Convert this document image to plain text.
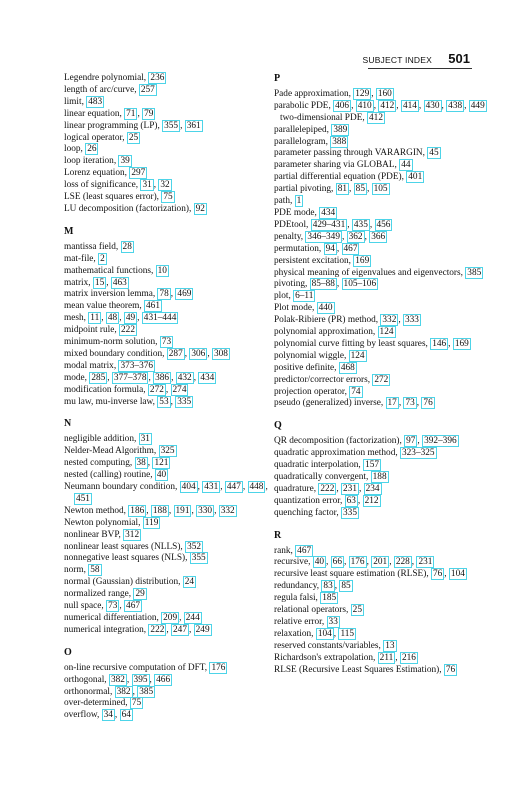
SUBJECT INDEX 501
Legendre polynomial, 236
length of arc/curve, 257
limit, 483
linear equation, 71 , 79
linear programming (LP), 355 , 361
logical operator, 25
loop, 26
loop iteration, 39
Lorenz equation, 297
loss of significance, 31 , 32
LSE (least squares error), 75
LU decomposition (factorization), 92
M
mantissa field, 28
mat-file, 2
mathematical functions, 10
matrix, 15 , 463
matrix inversion lemma, 78 , 469
mean value theorem, 461
mesh, 11 , 48 , 49 , 431–444
midpoint rule, 222
minimum-norm solution, 73
mixed boundary condition, 287 , 306 , 308
modal matrix, 373–376
mode, 285 , 377–378 , 386 , 432 , 434
modification formula, 272 , 274
mu law, mu-inverse law, 53 , 335
N
negligible addition, 31
Nelder-Mead Algorithm, 325
nested computing, 38 , 121
nested (calling) routine, 40
Neumann boundary condition, 404 , 431 , 447 , 448 , 451
Newton method, 186 , 188 , 191 , 330 , 332
Newton polynomial, 119
nonlinear BVP, 312
nonlinear least squares (NLLS), 352
nonnegative least squares (NLS), 355
norm, 58
normal (Gaussian) distribution, 24
normalized range, 29
null space, 73 , 467
numerical differentiation, 209 , 244
numerical integration, 222 , 247 , 249
O
on-line recursive computation of DFT, 176
orthogonal, 382 , 395 , 466
orthonormal, 382 , 385
over-determined, 75
overflow, 34 , 64
P
Pade approximation, 129 , 160
parabolic PDE, 406 , 410 , 412 , 414 , 430 , 438 , 449
two-dimensional PDE, 412
parallelepiped, 389
parallelogram, 388
parameter passing through VARARGIN, 45
parameter sharing via GLOBAL, 44
partial differential equation (PDE), 401
partial pivoting, 81 , 85 , 105
path, 1
PDE mode, 434
PDEtool, 429–431 , 435 , 456
penalty, 346–349 , 362 , 366
permutation, 94 , 467
persistent excitation, 169
physical meaning of eigenvalues and eigenvectors, 385
pivoting, 85–88 , 105–106
plot, 6–11
Plot mode, 440
Polak-Ribiere (PR) method, 332 , 333
polynomial approximation, 124
polynomial curve fitting by least squares, 146 , 169
polynomial wiggle, 124
positive definite, 468
predictor/corrector errors, 272
projection operator, 74
pseudo (generalized) inverse, 17 , 73 , 76
Q
QR decomposition (factorization), 97 , 392–396
quadratic approximation method, 323–325
quadratic interpolation, 157
quadratically convergent, 188
quadrature, 222 , 231 , 234
quantization error, 63 , 212
quenching factor, 335
R
rank, 467
recursive, 40 , 66 , 176 , 201 , 228 , 231
recursive least square estimation (RLSE), 76 , 104
redundancy, 83 , 85
regula falsi, 185
relational operators, 25
relative error, 33
relaxation, 104 , 115
reserved constants/variables, 13
Richardson's extrapolation, 211 , 216
RLSE (Recursive Least Squares Estimation), 76
